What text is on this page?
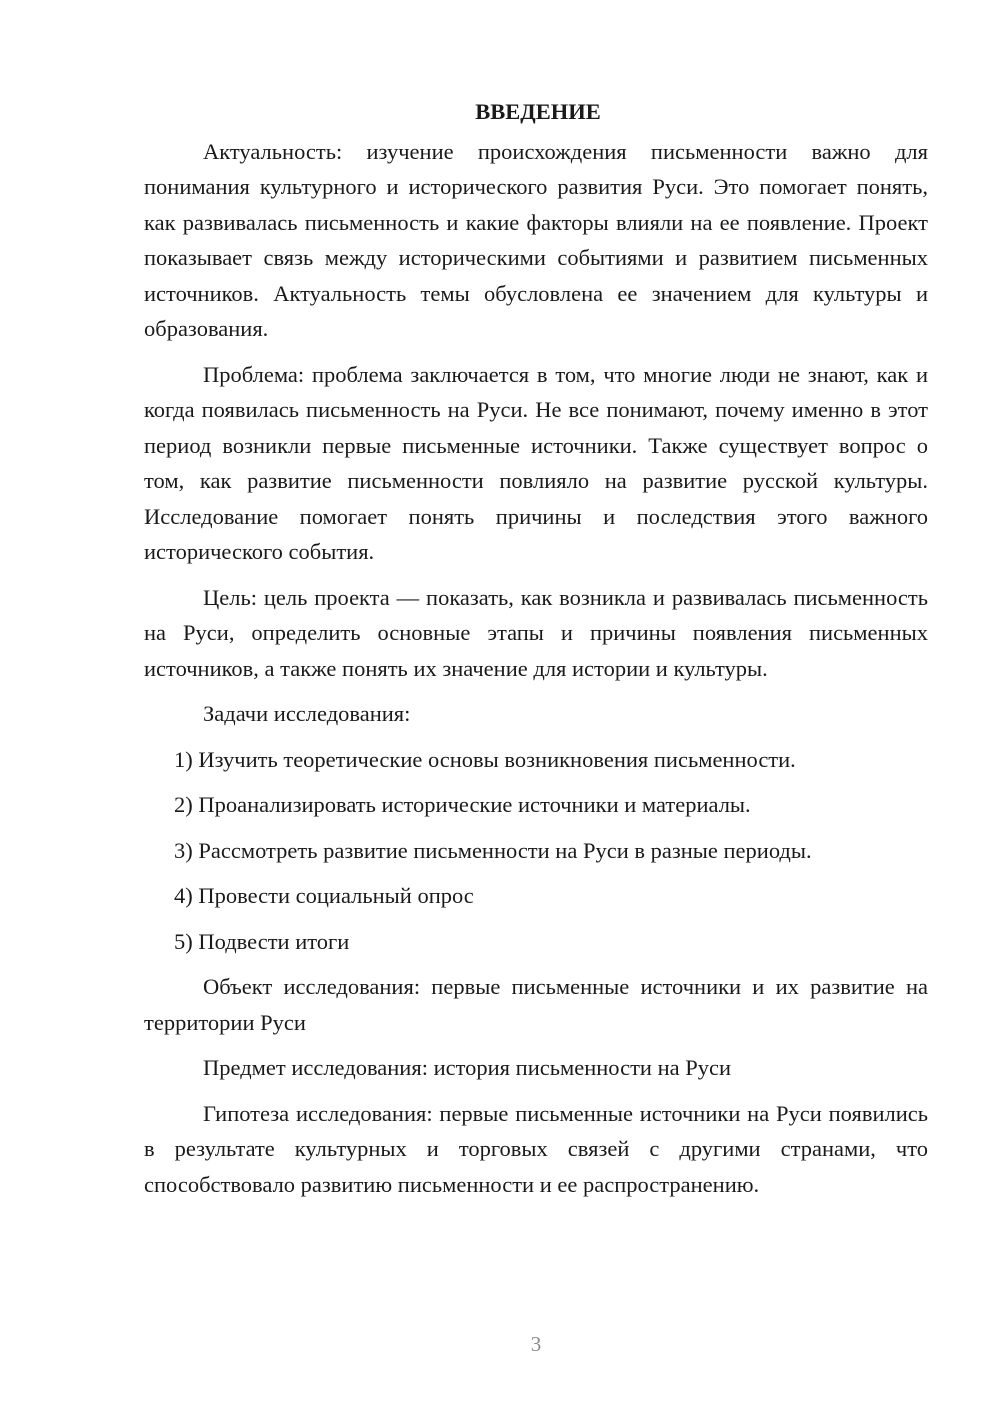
ВВЕДЕНИЕ

Актуальность: изучение происхождения письменности важно для понимания культурного и исторического развития Руси. Это помогает понять, как развивалась письменность и какие факторы влияли на ее появление. Проект показывает связь между историческими событиями и развитием письменных источников. Актуальность темы обусловлена ее значением для культуры и образования.

Проблема: проблема заключается в том, что многие люди не знают, как и когда появилась письменность на Руси. Не все понимают, почему именно в этот период возникли первые письменные источники. Также существует вопрос о том, как развитие письменности повлияло на развитие русской культуры. Исследование помогает понять причины и последствия этого важного исторического события.

Цель: цель проекта — показать, как возникла и развивалась письменность на Руси, определить основные этапы и причины появления письменных источников, а также понять их значение для истории и культуры.

Задачи исследования:

1) Изучить теоретические основы возникновения письменности.
2) Проанализировать исторические источники и материалы.
3) Рассмотреть развитие письменности на Руси в разные периоды.
4) Провести социальный опрос
5) Подвести итоги

Объект исследования: первые письменные источники и их развитие на территории Руси

Предмет исследования: история письменности на Руси

Гипотеза исследования: первые письменные источники на Руси появились в результате культурных и торговых связей с другими странами, что способствовало развитию письменности и ее распространению.

3
